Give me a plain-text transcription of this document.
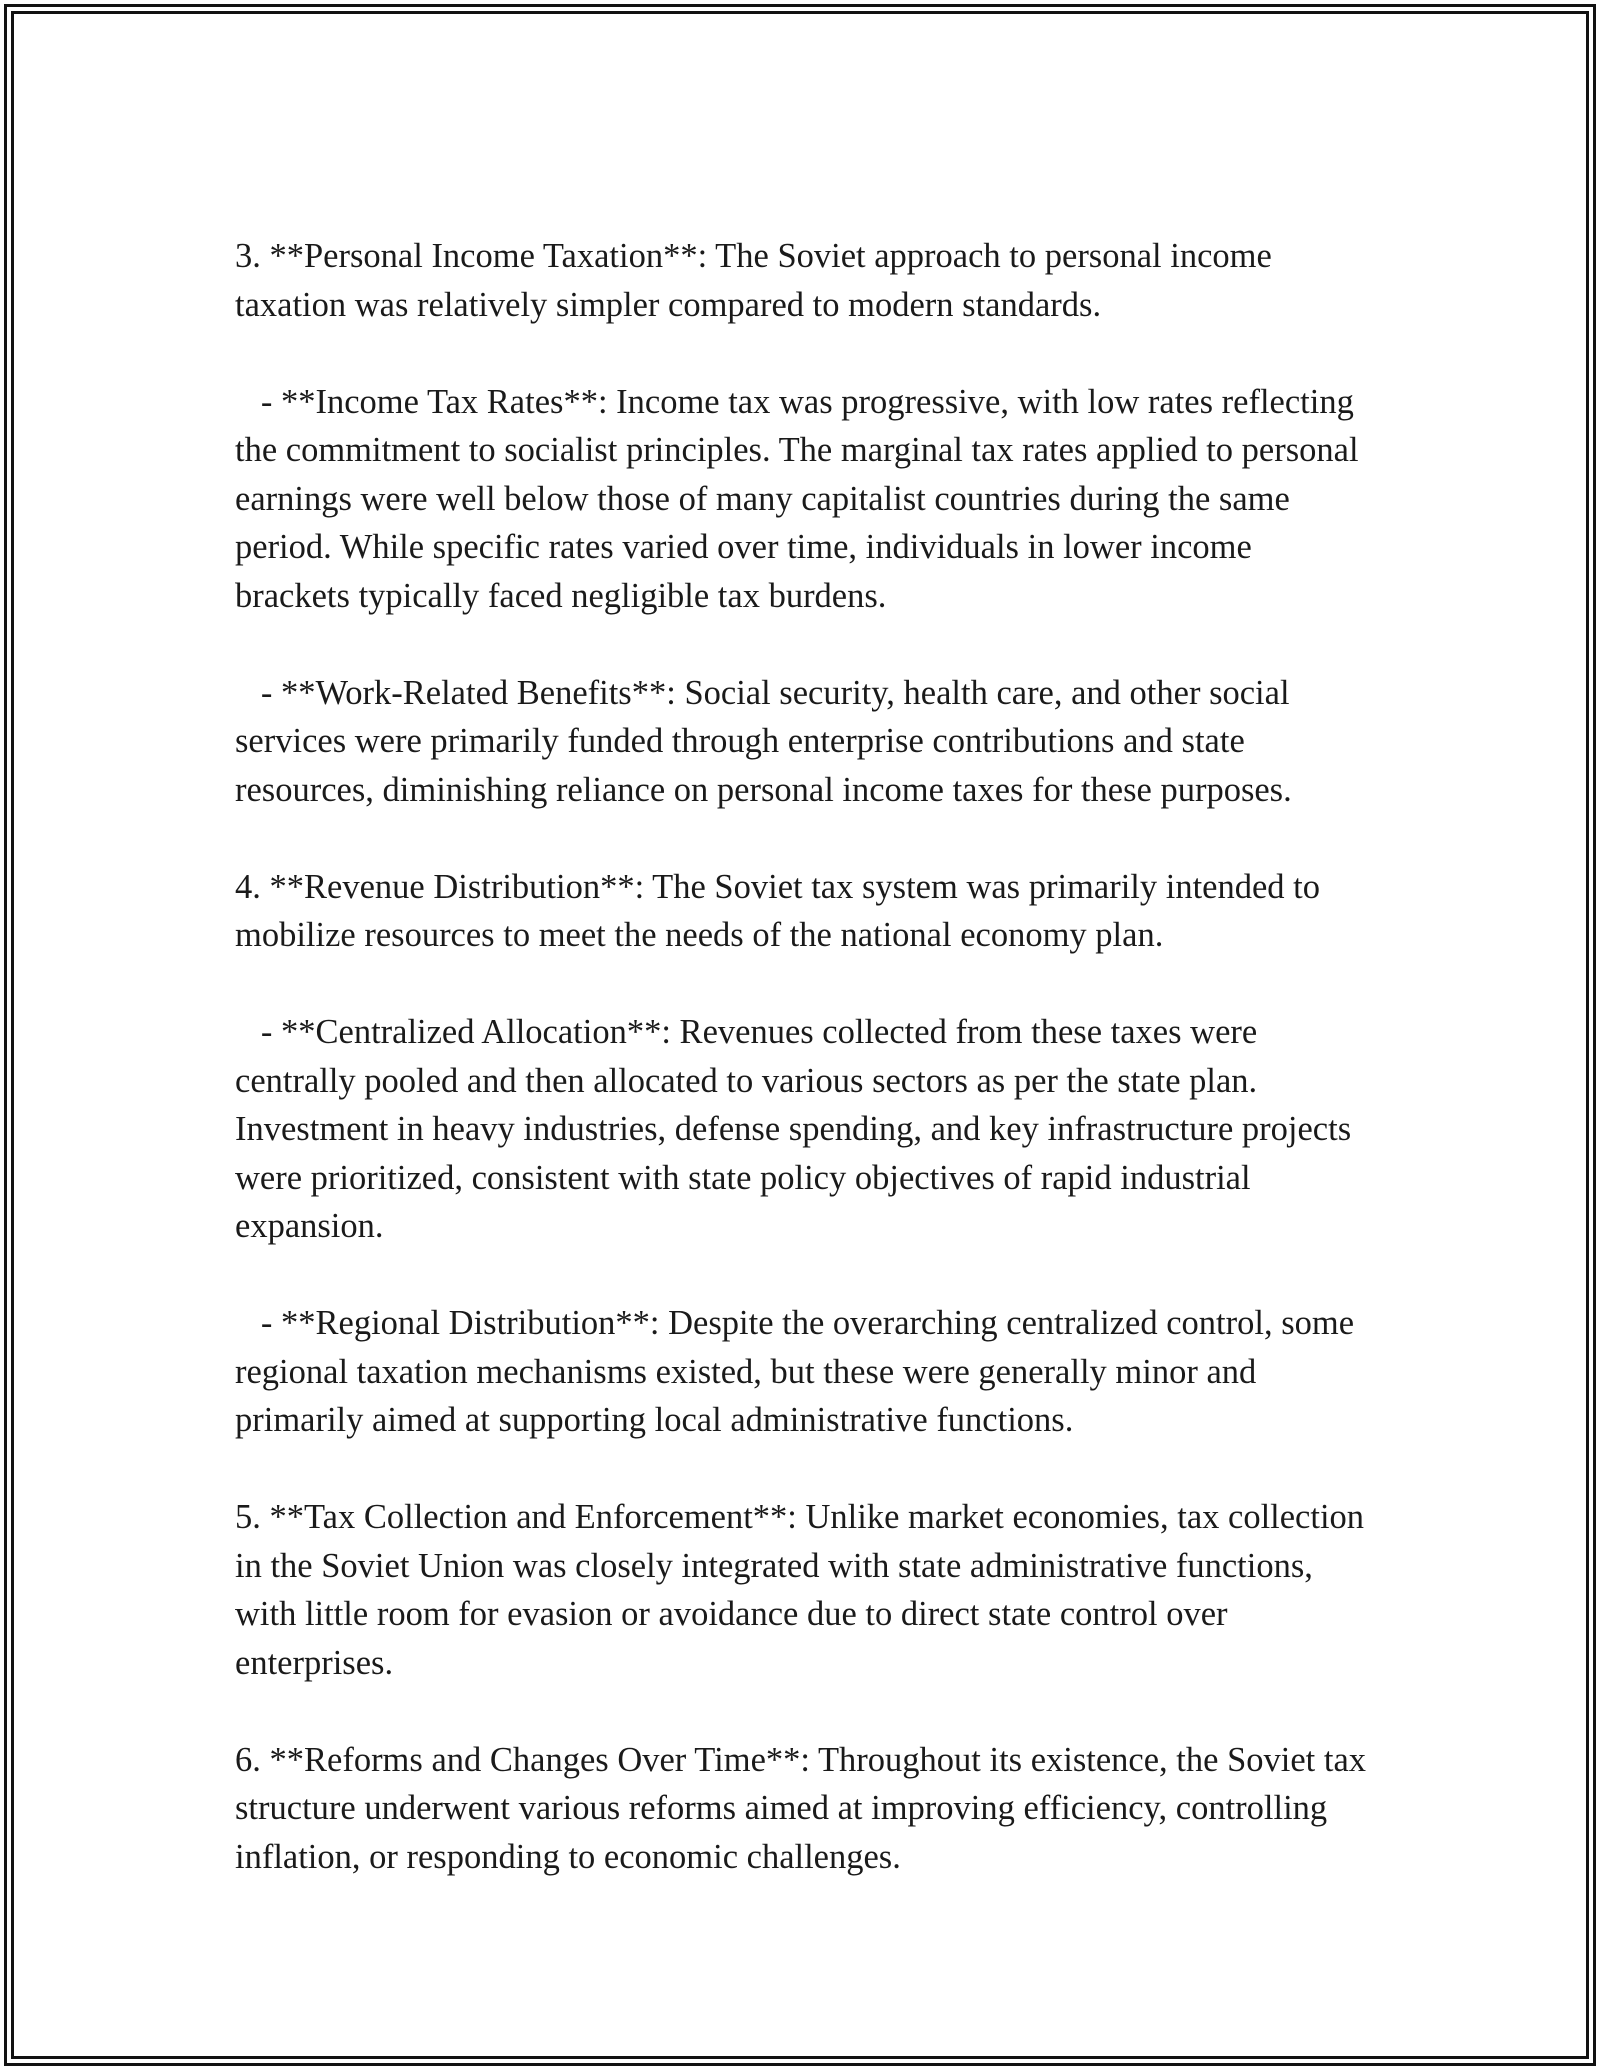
3. **Personal Income Taxation**: The Soviet approach to personal income taxation was relatively simpler compared to modern standards.

- **Income Tax Rates**: Income tax was progressive, with low rates reflecting the commitment to socialist principles. The marginal tax rates applied to personal earnings were well below those of many capitalist countries during the same period. While specific rates varied over time, individuals in lower income brackets typically faced negligible tax burdens.

- **Work-Related Benefits**: Social security, health care, and other social services were primarily funded through enterprise contributions and state resources, diminishing reliance on personal income taxes for these purposes.

4. **Revenue Distribution**: The Soviet tax system was primarily intended to mobilize resources to meet the needs of the national economy plan.

- **Centralized Allocation**: Revenues collected from these taxes were centrally pooled and then allocated to various sectors as per the state plan. Investment in heavy industries, defense spending, and key infrastructure projects were prioritized, consistent with state policy objectives of rapid industrial expansion.

- **Regional Distribution**: Despite the overarching centralized control, some regional taxation mechanisms existed, but these were generally minor and primarily aimed at supporting local administrative functions.

5. **Tax Collection and Enforcement**: Unlike market economies, tax collection in the Soviet Union was closely integrated with state administrative functions, with little room for evasion or avoidance due to direct state control over enterprises.

6. **Reforms and Changes Over Time**: Throughout its existence, the Soviet tax structure underwent various reforms aimed at improving efficiency, controlling inflation, or responding to economic challenges.
